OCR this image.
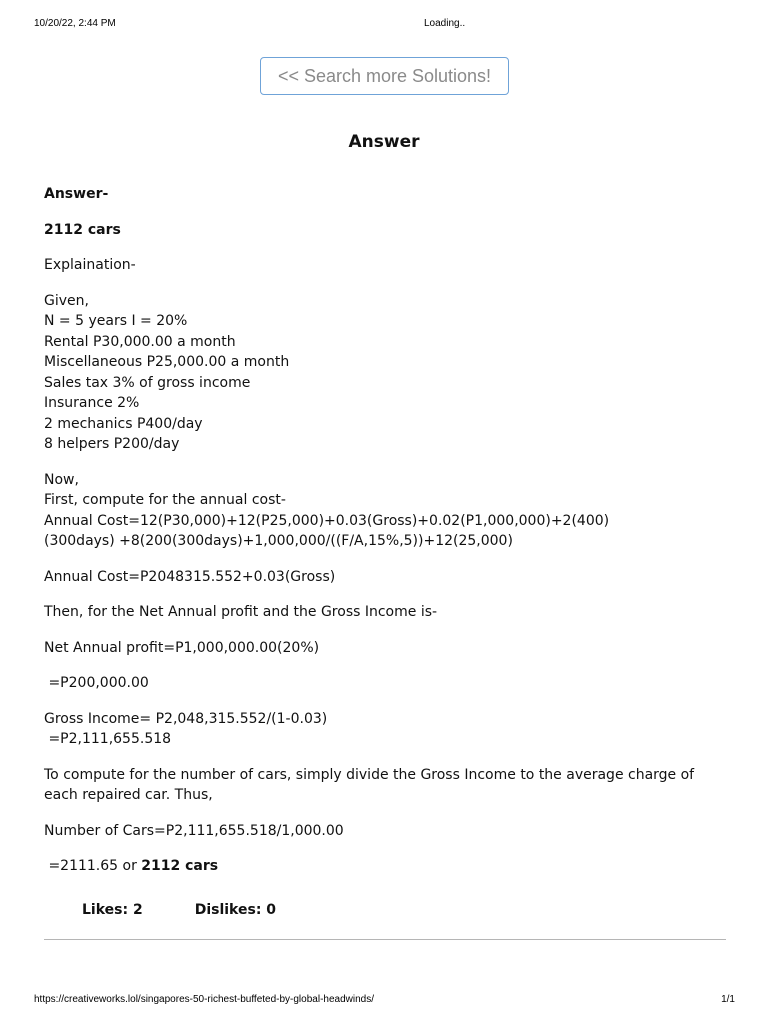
10/20/22, 2:44 PM	Loading..
<< Search more Solutions!
Answer

Answer-

2112 cars

Explaination-

Given,
N = 5 years I = 20%
Rental P30,000.00 a month
Miscellaneous P25,000.00 a month
Sales tax 3% of gross income
Insurance 2%
2 mechanics P400/day
8 helpers P200/day

Now,
First, compute for the annual cost-
Annual Cost=12(P30,000)+12(P25,000)+0.03(Gross)+0.02(P1,000,000)+2(400)
(300days) +8(200(300days)+1,000,000/((F/A,15%,5))+12(25,000)

Annual Cost=P2048315.552+0.03(Gross)

Then, for the Net Annual profit and the Gross Income is-

Net Annual profit=P1,000,000.00(20%)

=P200,000.00

Gross Income= P2,048,315.552/(1-0.03)
=P2,111,655.518

To compute for the number of cars, simply divide the Gross Income to the average charge of
each repaired car. Thus,

Number of Cars=P2,111,655.518/1,000.00

=2111.65 or 2112 cars

Likes: 2	Dislikes: 0
https://creativeworks.lol/singapores-50-richest-buffeted-by-global-headwinds/	1/1
